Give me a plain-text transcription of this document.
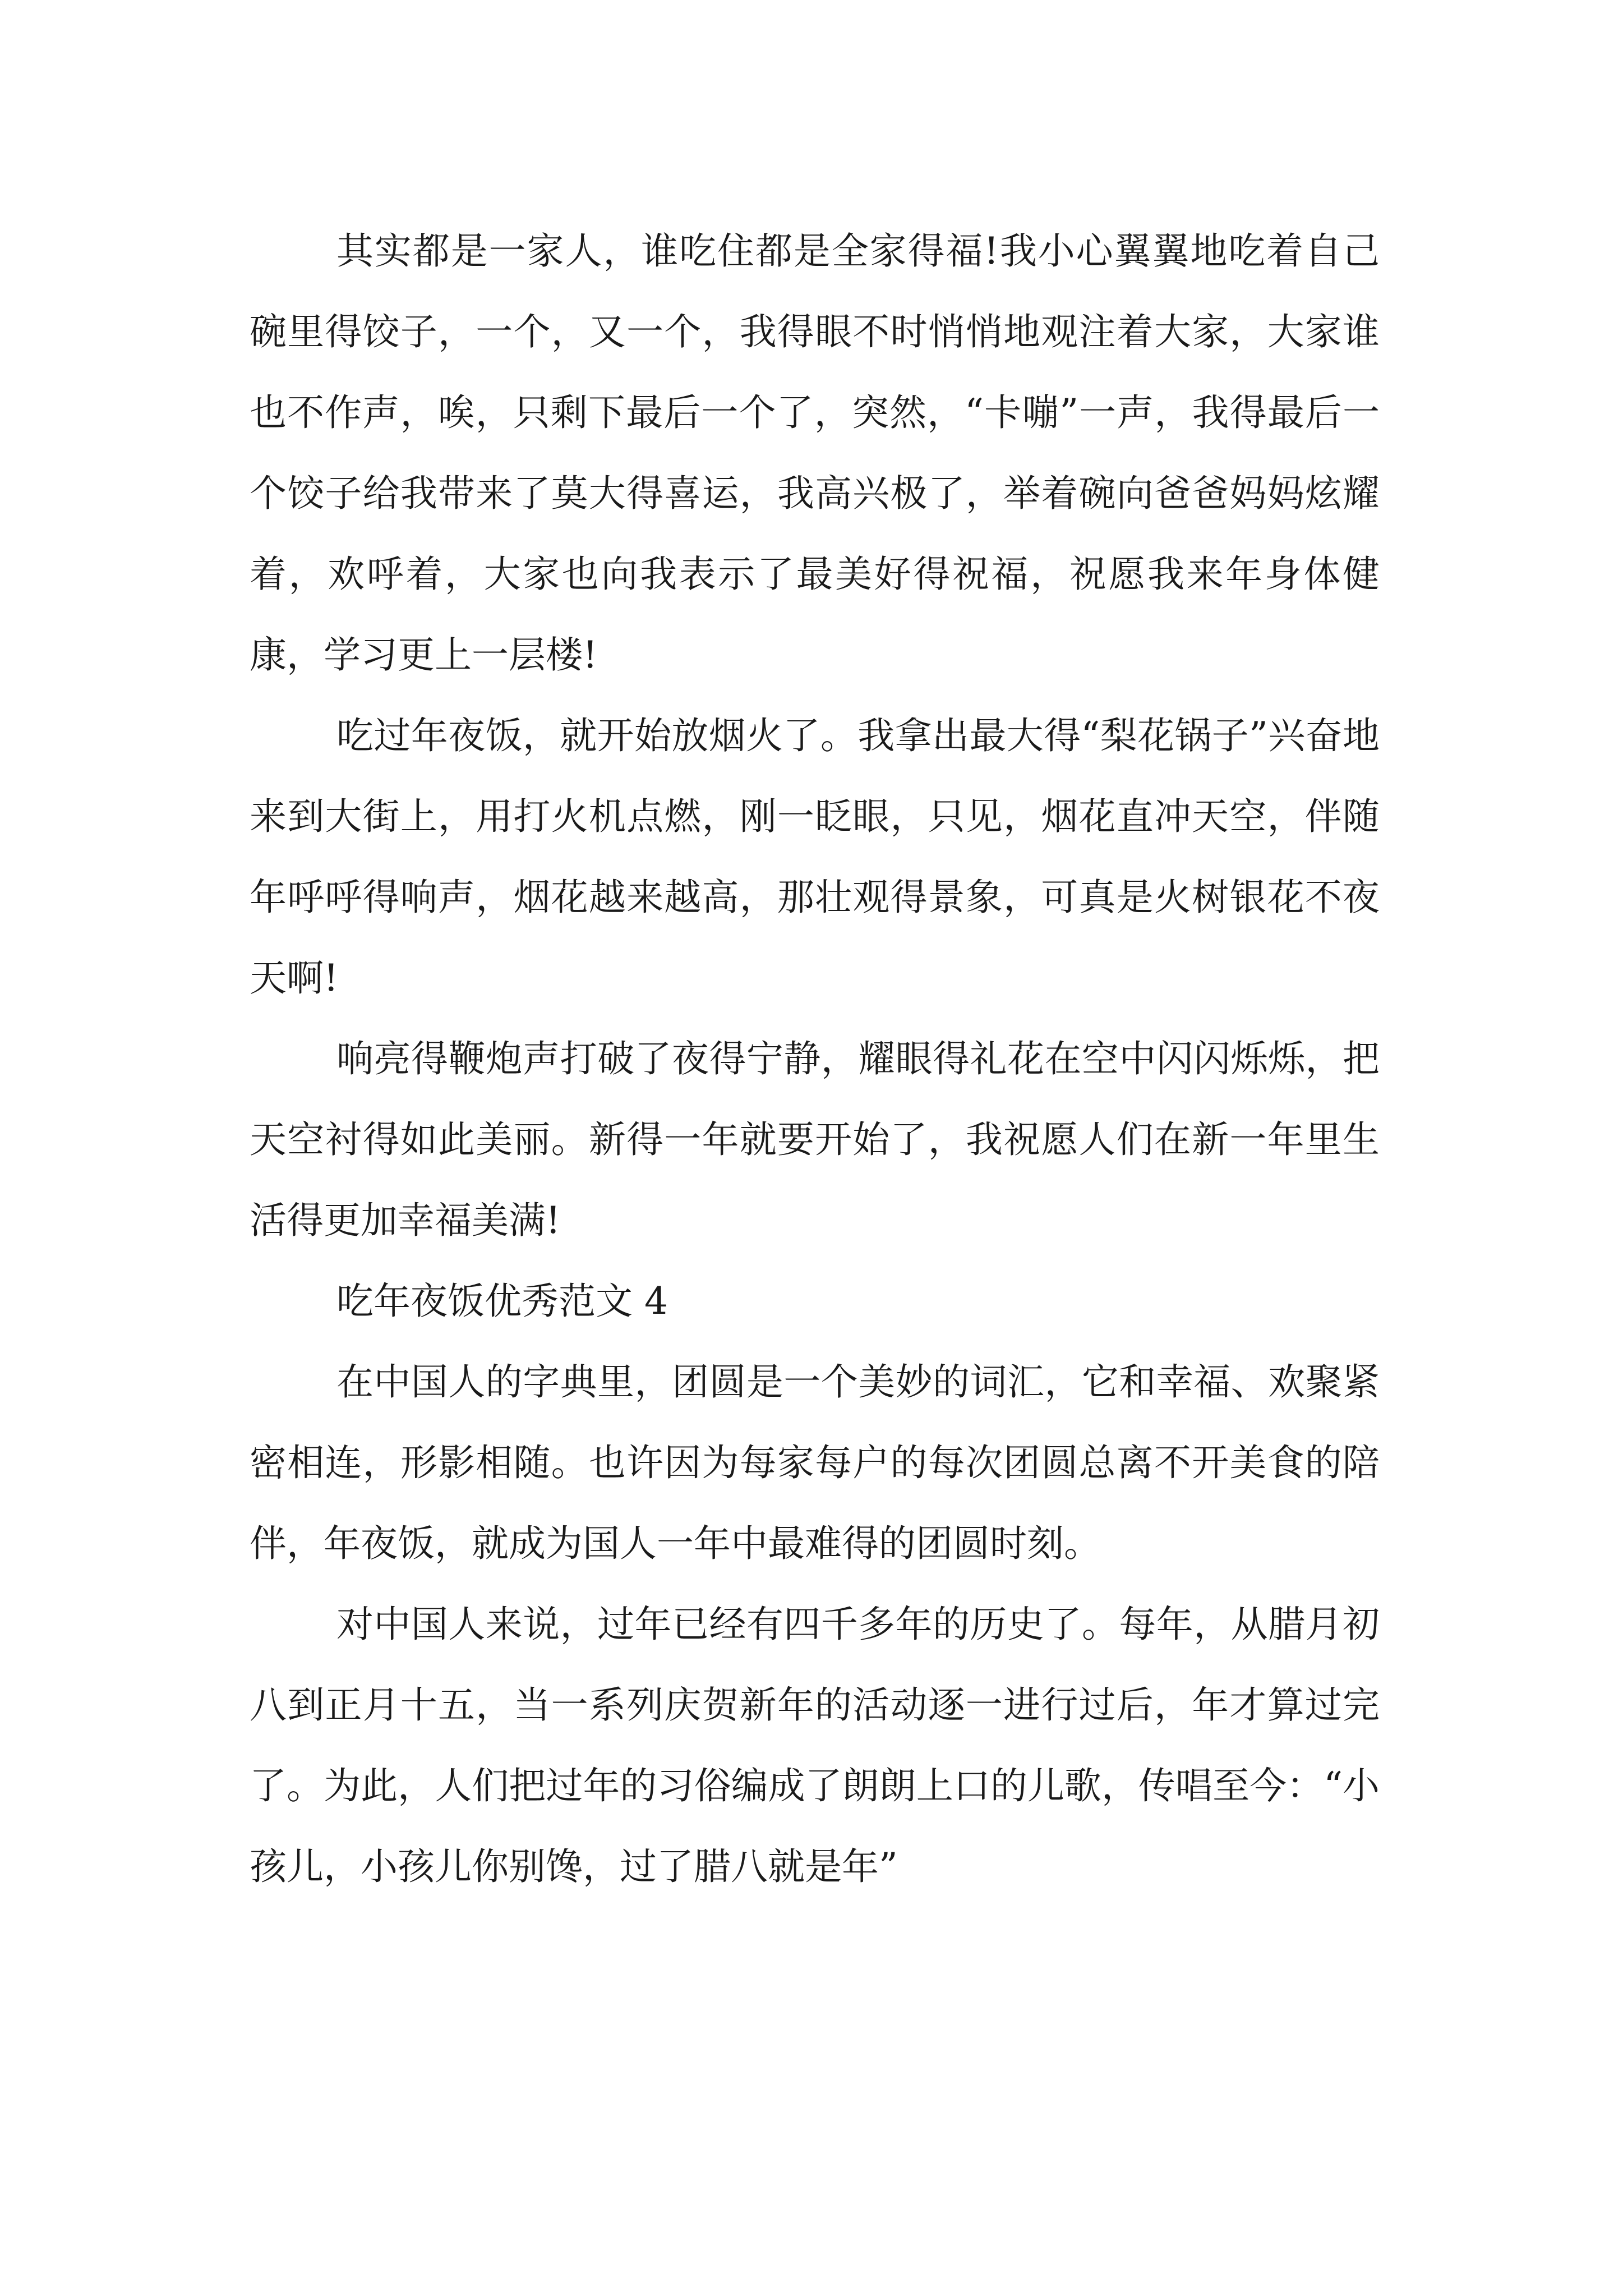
其实都是一家人，谁吃住都是全家得福!我小心翼翼地吃着自己碗里得饺子，一个，又一个，我得眼不时悄悄地观注着大家，大家谁也不作声，唉，只剩下最后一个了，突然，“卡嘣”一声，我得最后一个饺子给我带来了莫大得喜运，我高兴极了，举着碗向爸爸妈妈炫耀着，欢呼着，大家也向我表示了最美好得祝福，祝愿我来年身体健康，学习更上一层楼!

吃过年夜饭，就开始放烟火了。我拿出最大得“梨花锅子”兴奋地来到大街上，用打火机点燃，刚一眨眼，只见，烟花直冲天空，伴随年呼呼得响声，烟花越来越高，那壮观得景象，可真是火树银花不夜天啊!

响亮得鞭炮声打破了夜得宁静，耀眼得礼花在空中闪闪烁烁，把天空衬得如此美丽。新得一年就要开始了，我祝愿人们在新一年里生活得更加幸福美满!

吃年夜饭优秀范文 4

在中国人的字典里，团圆是一个美妙的词汇，它和幸福、欢聚紧密相连，形影相随。也许因为每家每户的每次团圆总离不开美食的陪伴，年夜饭，就成为国人一年中最难得的团圆时刻。

对中国人来说，过年已经有四千多年的历史了。每年，从腊月初八到正月十五，当一系列庆贺新年的活动逐一进行过后，年才算过完了。为此，人们把过年的习俗编成了朗朗上口的儿歌，传唱至今：“小孩儿，小孩儿你别馋，过了腊八就是年”
